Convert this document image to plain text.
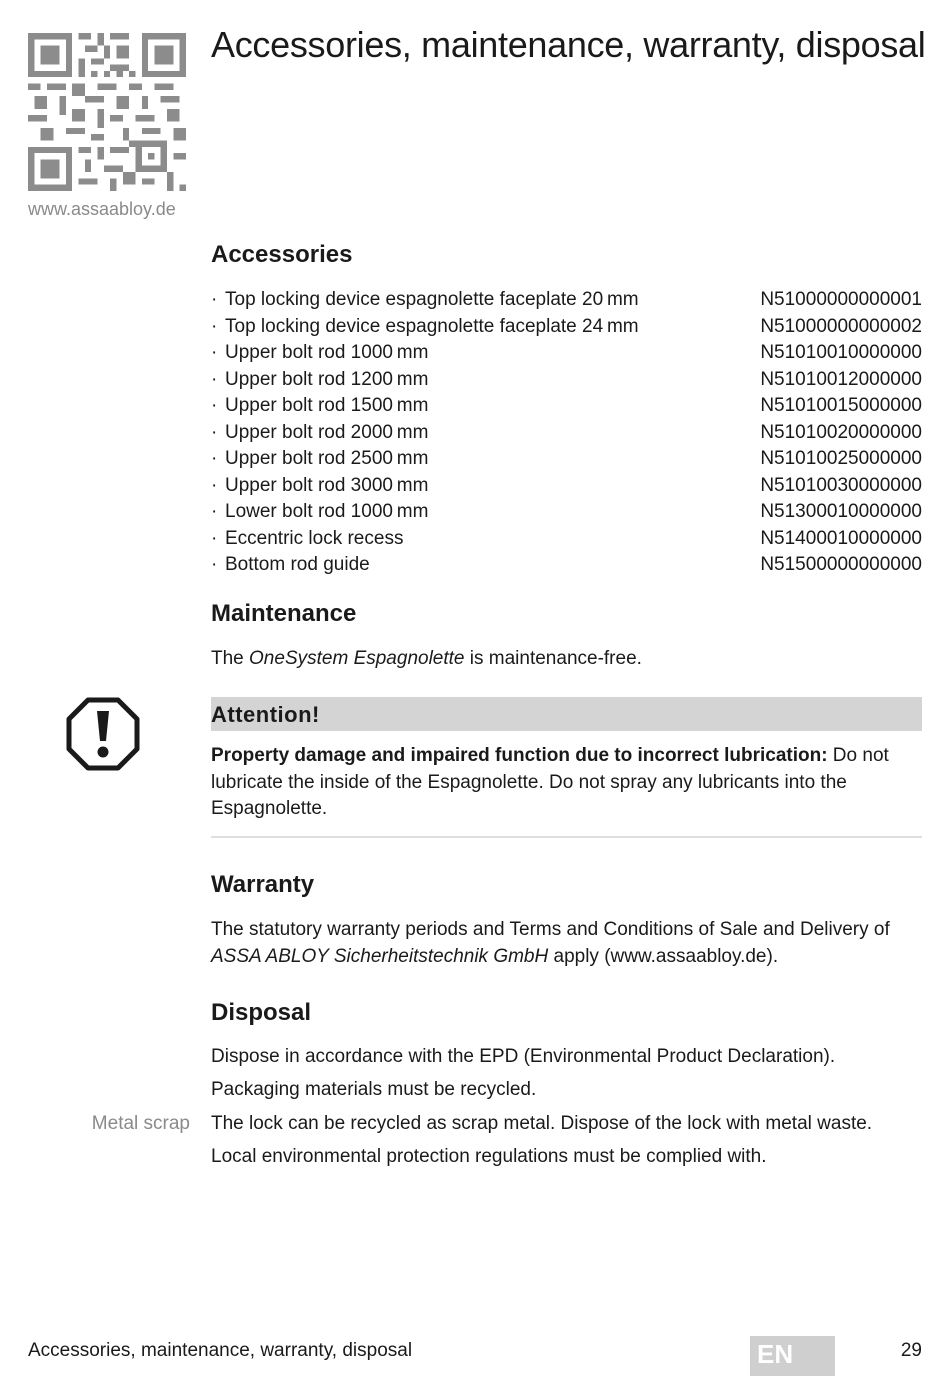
www.assaabloy.de
Accessories, maintenance, warranty, disposal
Accessories
· Top locking device espagnolette faceplate 20 mm	N51000000000001
· Top locking device espagnolette faceplate 24 mm	N51000000000002
· Upper bolt rod 1000 mm	N51010010000000
· Upper bolt rod 1200 mm	N51010012000000
· Upper bolt rod 1500 mm	N51010015000000
· Upper bolt rod 2000 mm	N51010020000000
· Upper bolt rod 2500 mm	N51010025000000
· Upper bolt rod 3000 mm	N51010030000000
· Lower bolt rod 1000 mm	N51300010000000
· Eccentric lock recess	N51400010000000
· Bottom rod guide	N51500000000000
Maintenance
The OneSystem Espagnolette is maintenance-free.
Attention!
Property damage and impaired function due to incorrect lubrication: Do not lubricate the inside of the Espagnolette. Do not spray any lubricants into the Espagnolette.
Warranty
The statutory warranty periods and Terms and Conditions of Sale and Delivery of ASSA ABLOY Sicherheitstechnik GmbH apply (www.assaabloy.de).
Disposal
Dispose in accordance with the EPD (Environmental Product Declaration).
Packaging materials must be recycled.
Metal scrap The lock can be recycled as scrap metal. Dispose of the lock with metal waste.
Local environmental protection regulations must be complied with.
Accessories, maintenance, warranty, disposal	EN	29
